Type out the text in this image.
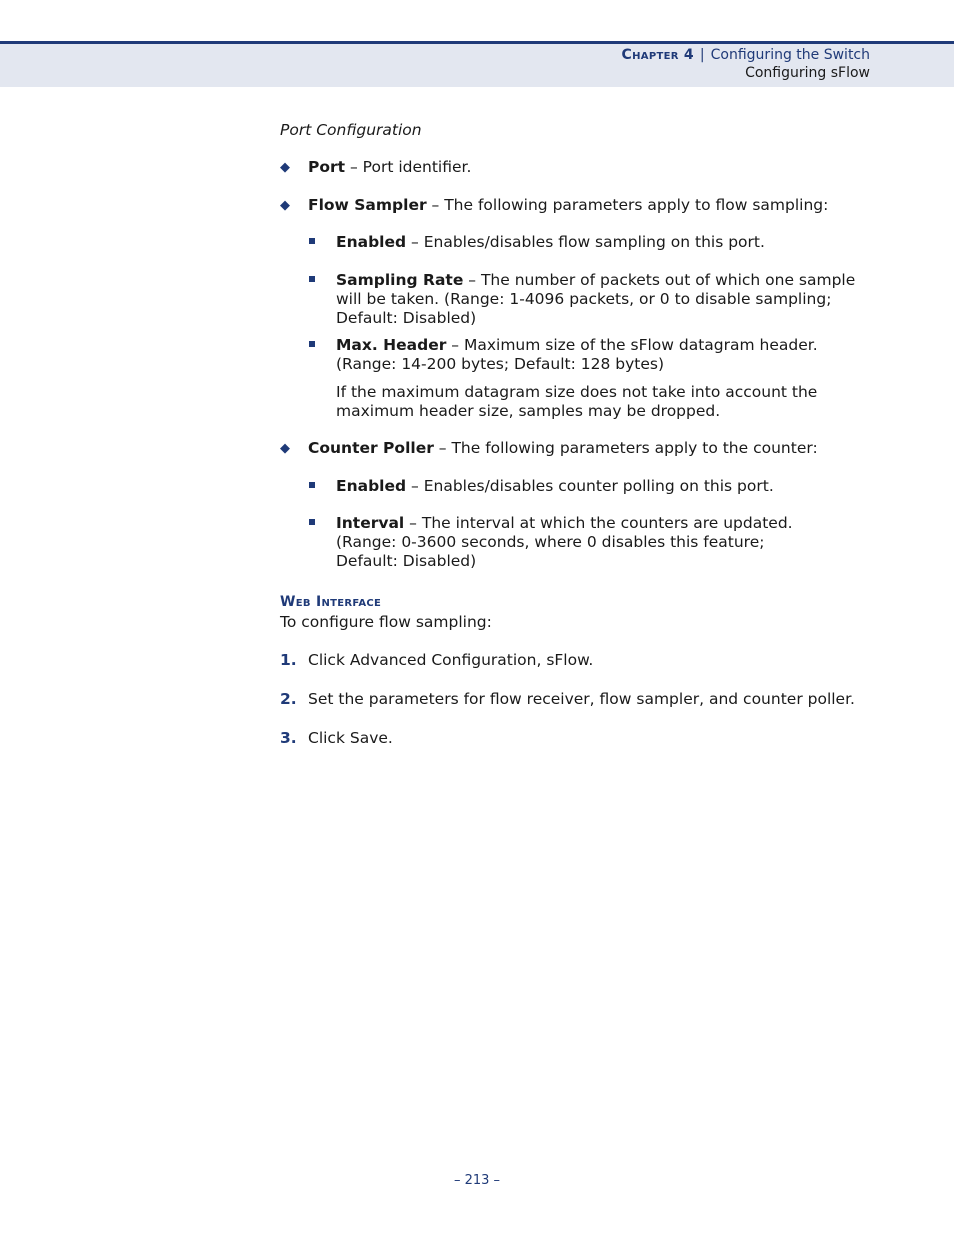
Chapter 4 | Configuring the Switch
Configuring sFlow
Port Configuration
◆ Port – Port identifier.
◆ Flow Sampler – The following parameters apply to flow sampling:
Enabled – Enables/disables flow sampling on this port.
Sampling Rate – The number of packets out of which one sample will be taken. (Range: 1-4096 packets, or 0 to disable sampling; Default: Disabled)
Max. Header – Maximum size of the sFlow datagram header. (Range: 14-200 bytes; Default: 128 bytes)
If the maximum datagram size does not take into account the maximum header size, samples may be dropped.
◆ Counter Poller – The following parameters apply to the counter:
Enabled – Enables/disables counter polling on this port.
Interval – The interval at which the counters are updated. (Range: 0-3600 seconds, where 0 disables this feature; Default: Disabled)
Web Interface
To configure flow sampling:
1. Click Advanced Configuration, sFlow.
2. Set the parameters for flow receiver, flow sampler, and counter poller.
3. Click Save.
– 213 –
